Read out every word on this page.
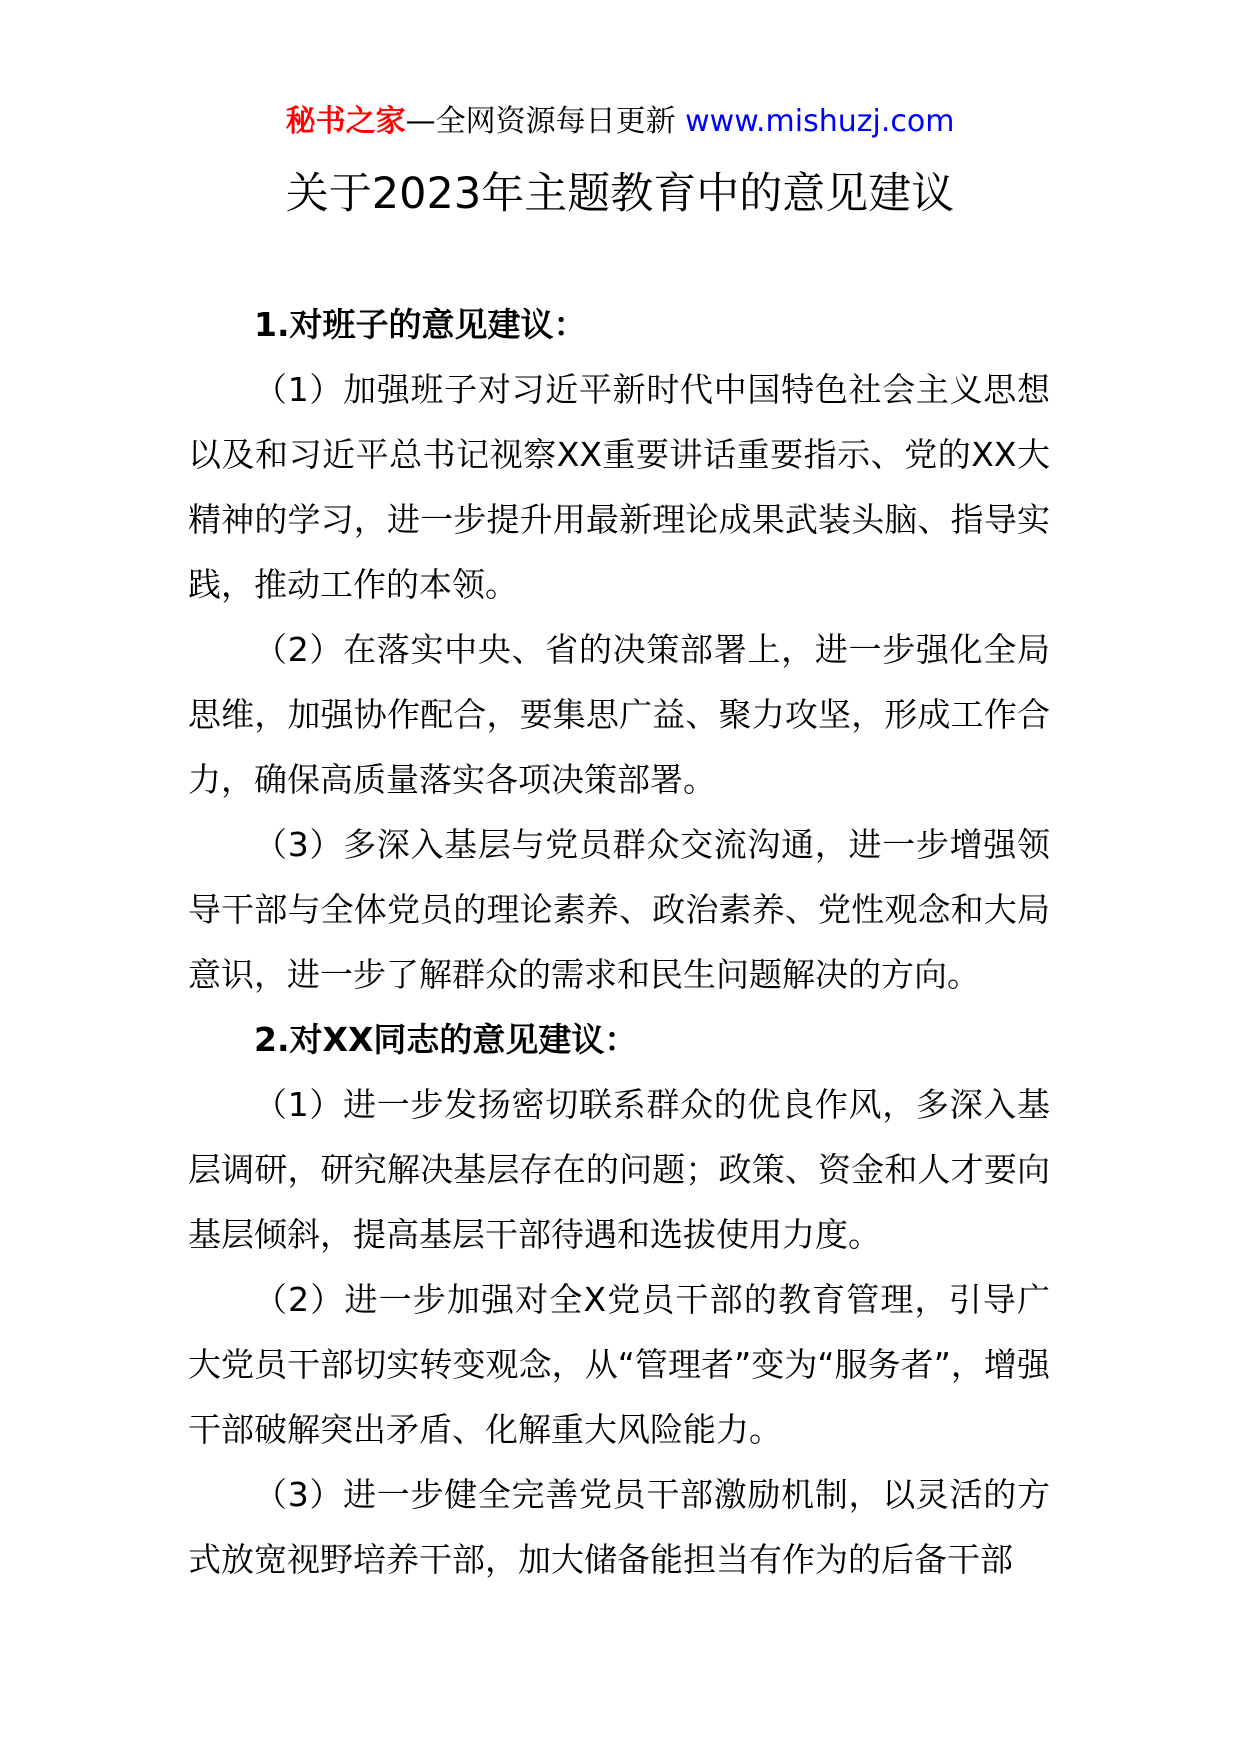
秘书之家—全网资源每日更新 www.mishuzj.com
关于2023年主题教育中的意见建议

1.对班子的意见建议：

（1）加强班子对习近平新时代中国特色社会主义思想以及和习近平总书记视察XX重要讲话重要指示、党的XX大精神的学习，进一步提升用最新理论成果武装头脑、指导实践，推动工作的本领。

（2）在落实中央、省的决策部署上，进一步强化全局思维，加强协作配合，要集思广益、聚力攻坚，形成工作合力，确保高质量落实各项决策部署。

（3）多深入基层与党员群众交流沟通，进一步增强领导干部与全体党员的理论素养、政治素养、党性观念和大局意识，进一步了解群众的需求和民生问题解决的方向。

2.对XX同志的意见建议：

（1）进一步发扬密切联系群众的优良作风，多深入基层调研，研究解决基层存在的问题；政策、资金和人才要向基层倾斜，提高基层干部待遇和选拔使用力度。

（2）进一步加强对全X党员干部的教育管理，引导广大党员干部切实转变观念，从“管理者”变为“服务者”，增强干部破解突出矛盾、化解重大风险能力。

（3）进一步健全完善党员干部激励机制，以灵活的方式放宽视野培养干部，加大储备能担当有作为的后备干部
